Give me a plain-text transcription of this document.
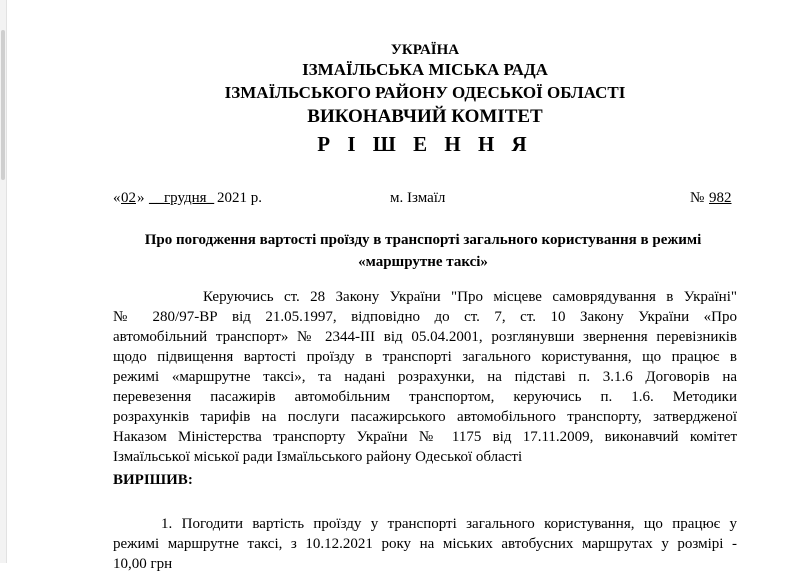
УКРАЇНА
ІЗМАЇЛЬСЬКА МІСЬКА РАДА
ІЗМАЇЛЬСЬКОГО РАЙОНУ ОДЕСЬКОЇ ОБЛАСТІ
ВИКОНАВЧИЙ КОМІТЕТ
Р І Ш Е Н Н Я
« 02 » __грудня_ 2021 р.	м. Ізмаїл	№ 982
Про погодження вартості проїзду в транспорті загального користування в режимі
«маршрутне таксі»
Керуючись ст. 28 Закону України "Про місцеве самоврядування в Україні"
№ 280/97-ВР від 21.05.1997, відповідно до ст. 7, ст. 10 Закону України «Про
автомобільний транспорт» № 2344-ІІІ від 05.04.2001, розглянувши звернення перевізників
щодо підвищення вартості проїзду в транспорті загального користування, що працює в
режимі «маршрутне таксі», та надані розрахунки, на підставі п. 3.1.6 Договорів на
перевезення пасажирів автомобільним транспортом, керуючись п. 1.6. Методики
розрахунків тарифів на послуги пасажирського автомобільного транспорту, затвердженої
Наказом Міністерства транспорту України № 1175 від 17.11.2009, виконавчий комітет
Ізмаїльської міської ради Ізмаїльського району Одеської області
ВИРІШИВ:
1. Погодити вартість проїзду у транспорті загального користування, що працює у
режимі маршрутне таксі, з 10.12.2021 року на міських автобусних маршрутах у розмірі -
10,00 грн
